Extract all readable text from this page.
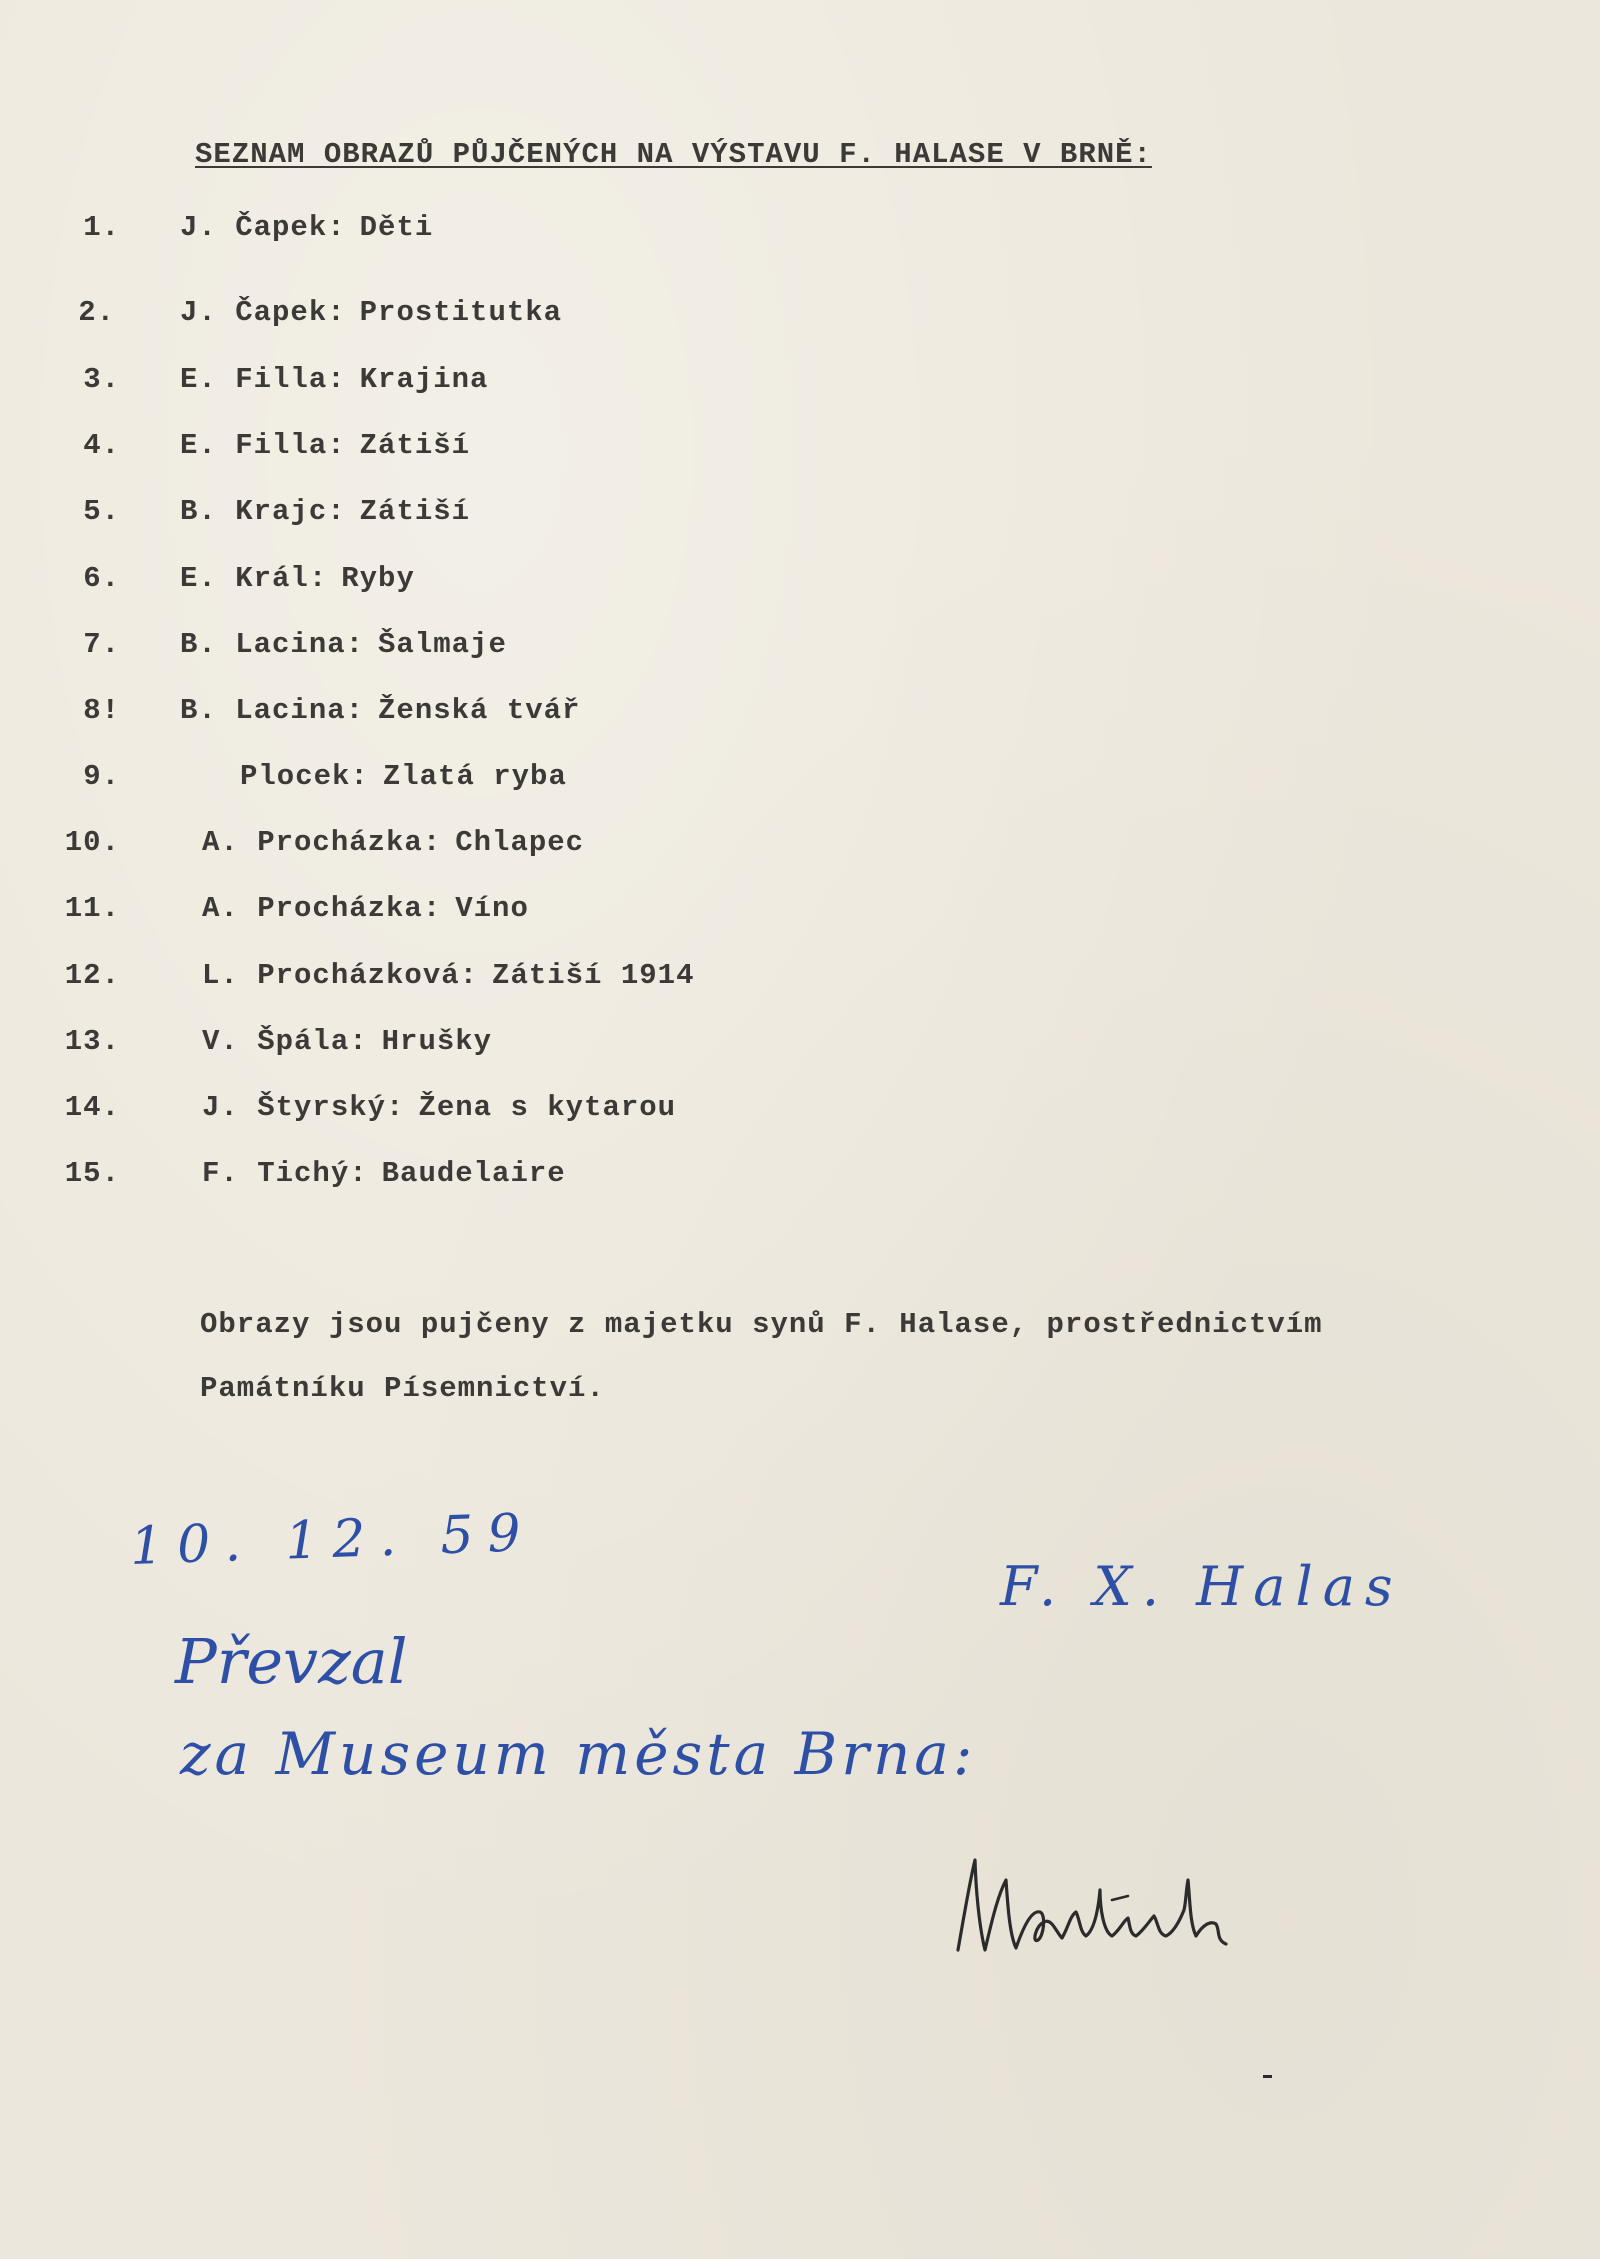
SEZNAM OBRAZŮ PŮJČENÝCH NA VÝSTAVU F. HALASE V BRNĚ:
1. J. Čapek: Děti
2. J. Čapek: Prostitutka
3. E. Filla: Krajina
4. E. Filla: Zátiší
5. B. Krajc: Zátiší
6. E. Král: Ryby
7. B. Lacina: Šalmaje
8! B. Lacina: Ženská tvář
9.	Plocek: Zlatá ryba
10.	A. Procházka: Chlapec
11.	A. Procházka: Víno
12.	L. Procházková: Zátiší 1914
13.	V. Špála: Hrušky
14.	J. Štyrský: Žena s kytarou
15.	F. Tichý: Baudelaire
Obrazy jsou pujčeny z majetku synů F. Halase, prostřednictvím Památníku Písemnictví.
10. 12. 59
F. X. Halas
Převzal
za Museum města Brna:
